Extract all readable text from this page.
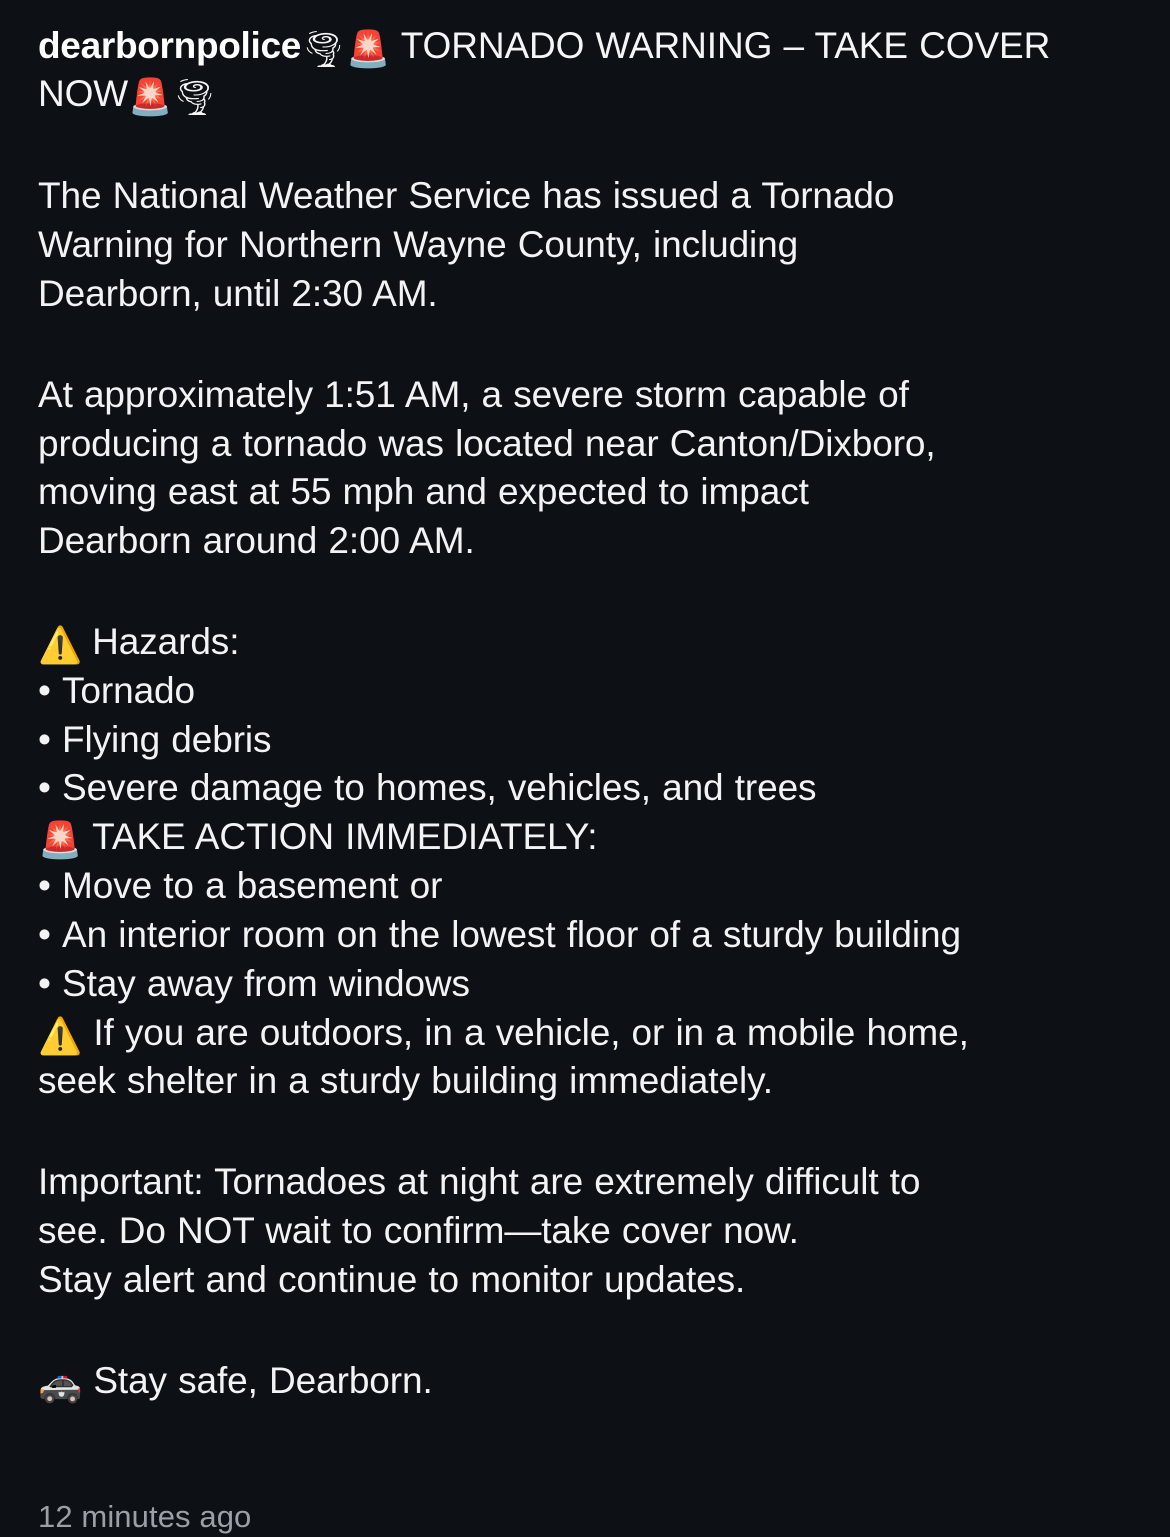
dearbornpolice🌪🚨 TORNADO WARNING – TAKE COVER NOW🚨🌪
The National Weather Service has issued a Tornado
Warning for Northern Wayne County, including
Dearborn, until 2:30 AM.
At approximately 1:51 AM, a severe storm capable of
producing a tornado was located near Canton/Dixboro,
moving east at 55 mph and expected to impact
Dearborn around 2:00 AM.
⚠️ Hazards:
• Tornado
• Flying debris
• Severe damage to homes, vehicles, and trees
🚨 TAKE ACTION IMMEDIATELY:
• Move to a basement or
• An interior room on the lowest floor of a sturdy building
• Stay away from windows
⚠️ If you are outdoors, in a vehicle, or in a mobile home,
seek shelter in a sturdy building immediately.
Important: Tornadoes at night are extremely difficult to
see. Do NOT wait to confirm—take cover now.
Stay alert and continue to monitor updates.
🚓 Stay safe, Dearborn.
12 minutes ago
